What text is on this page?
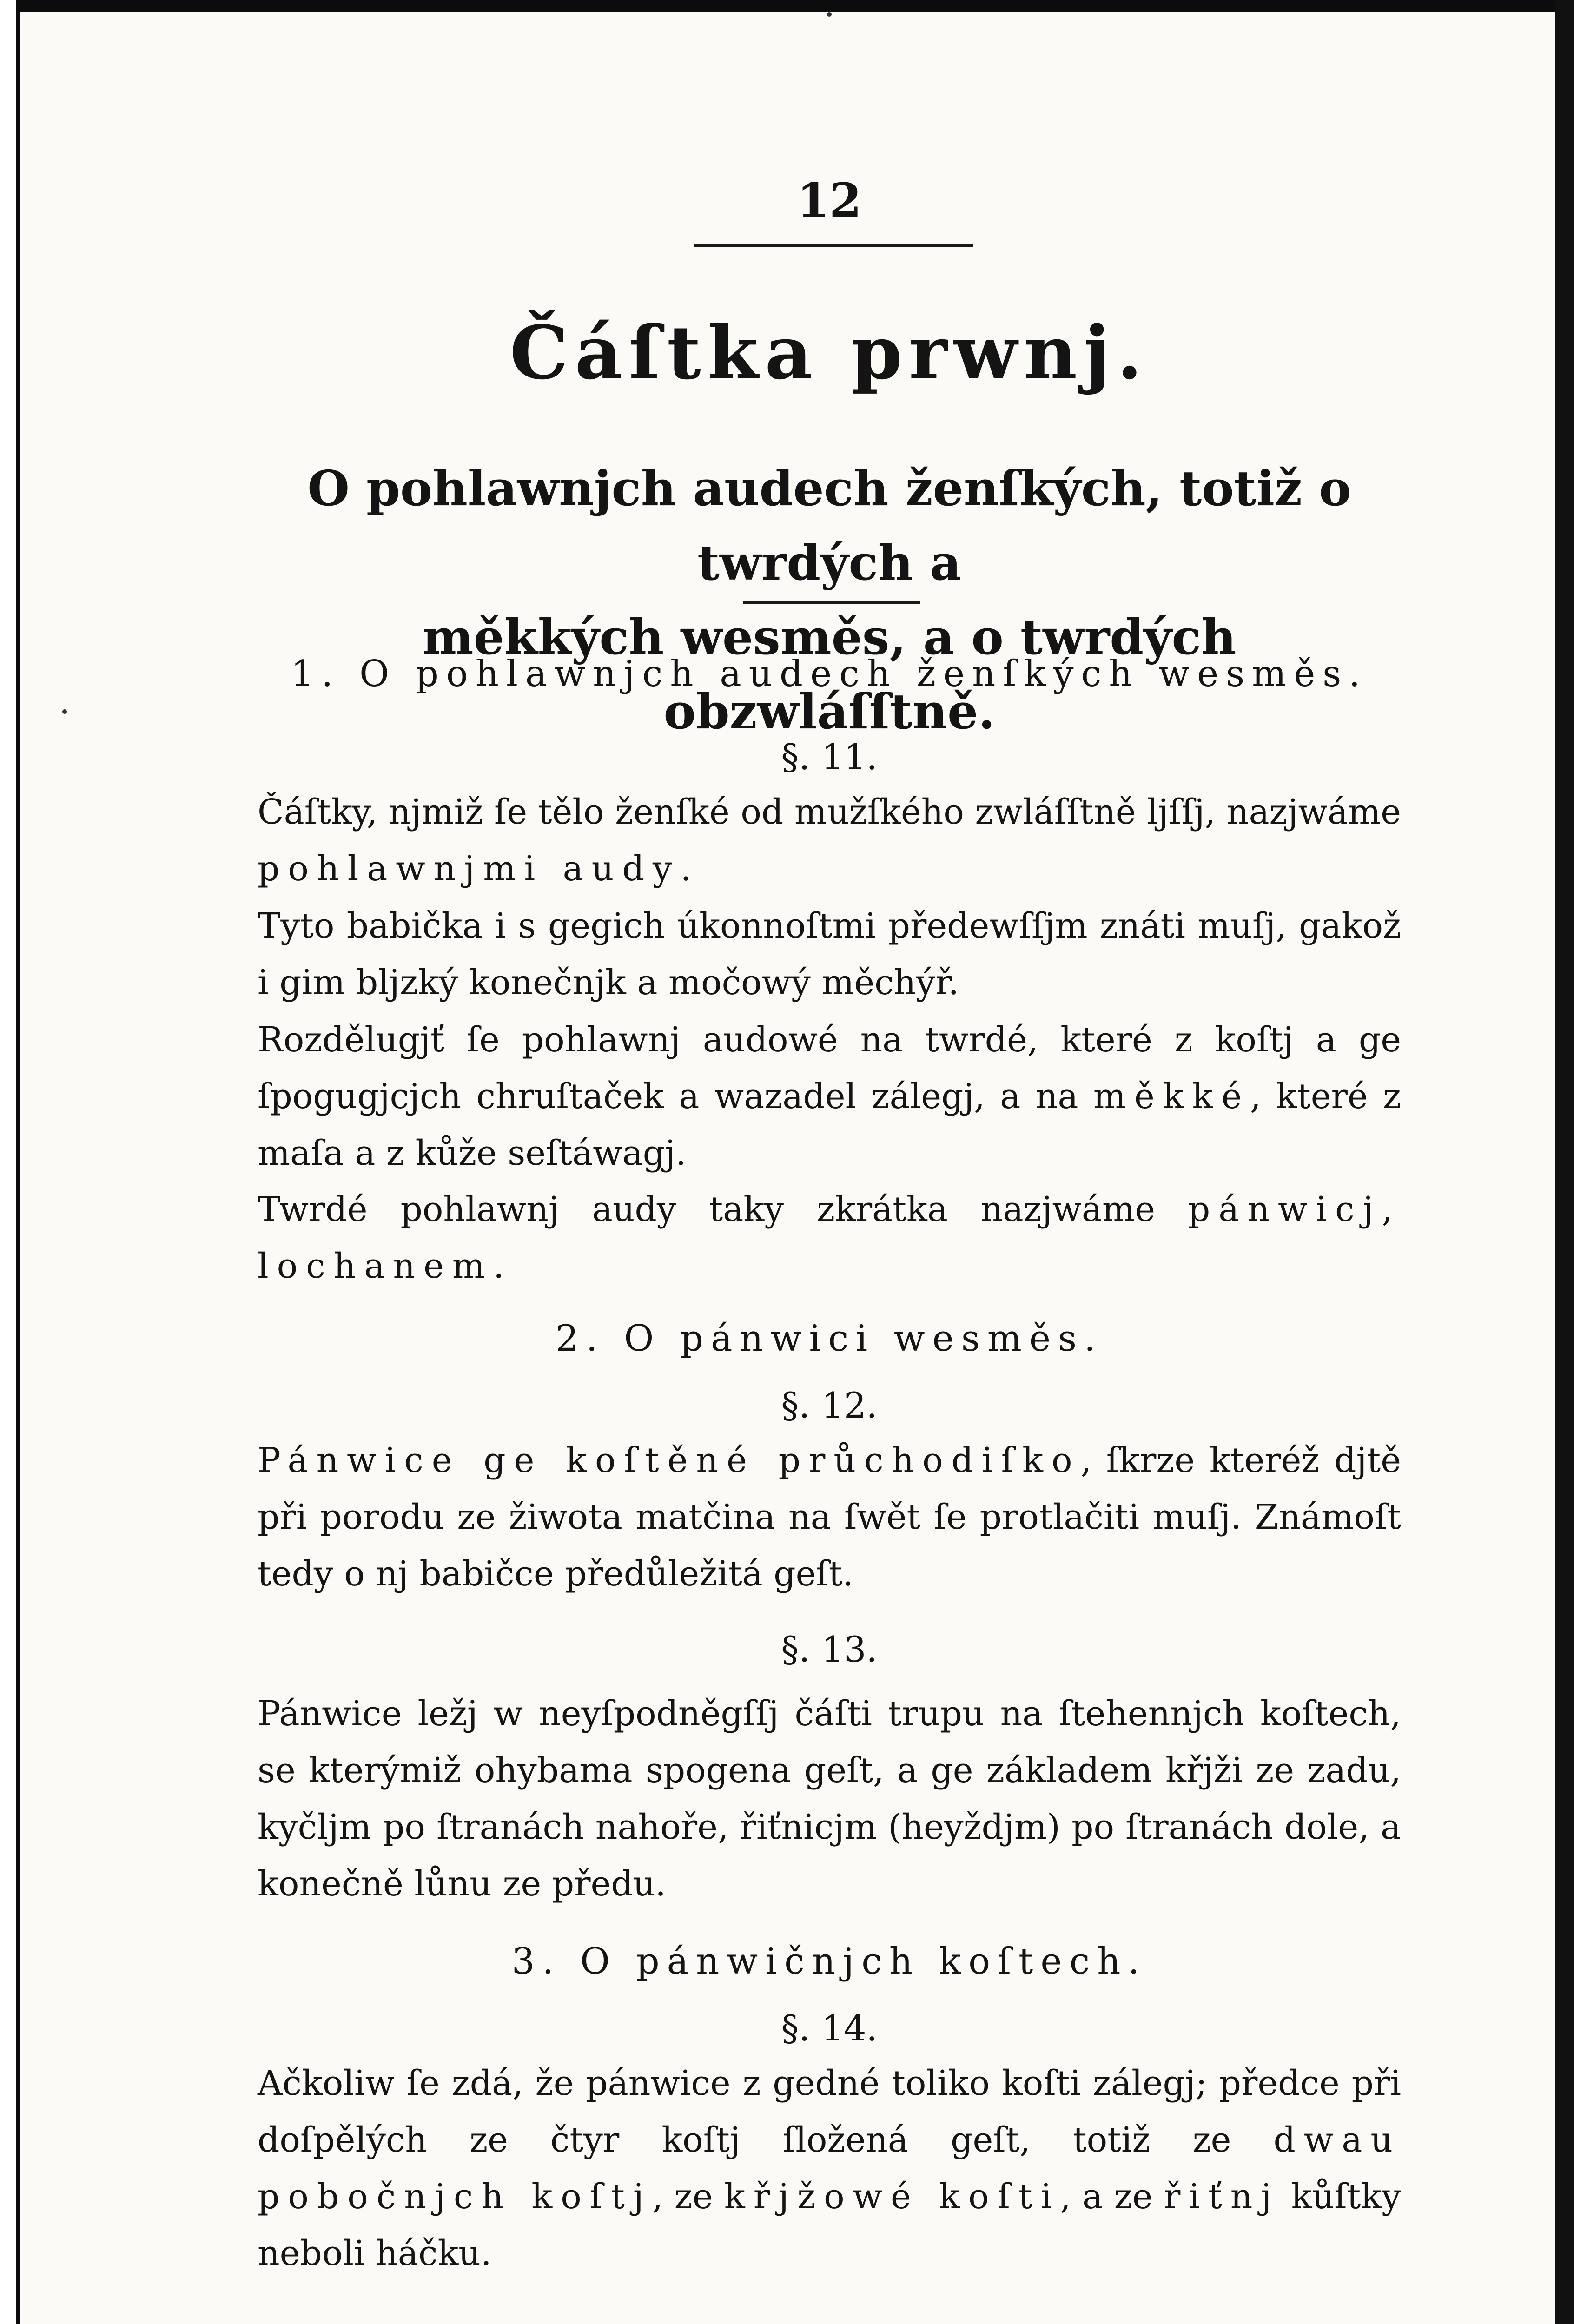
12
Čáſtka prwnj.
O pohlawnjch audech ženſkých, totiž o twrdých a
měkkých wesměs, a o twrdých obzwláſſtně.
1. O pohlawnjch audech ženſkých wesměs.
§. 11.

Čáſtky, njmiž ſe tělo ženſké od mužſkého zwláſſtně ljſſj, nazjwáme pohlawnjmi audy.

Tyto babička i s gegich úkonnoſtmi předewſſjm znáti muſj, gakož i gim bljzký konečnjk a močowý měchýř.

Rozdělugjť ſe pohlawnj audowé na twrdé, které z koſtj a ge ſpogugjcjch chruſtaček a wazadel zálegj, a na měkké, které z maſa a z kůže seſtáwagj.

Twrdé pohlawnj audy taky zkrátka nazjwáme pánwicj, lochanem.

2. O pánwici wesměs.
§. 12.

Pánwice ge koſtěné průchodiſko, ſkrze kteréž djtě při porodu ze žiwota matčina na ſwět ſe protlačiti muſj. Známoſt tedy o nj babičce předůležitá geſt.

§. 13.

Pánwice ležj w neyſpodněgſſj čáſti trupu na ſtehennjch koſtech, se kterýmiž ohybama spogena geſt, a ge základem křjži ze zadu, kyčljm po ſtranách nahoře, řiťnicjm (heyždjm) po ſtranách dole, a konečně lůnu ze předu.

3. O pánwičnjch koſtech.
§. 14.

Ačkoliw ſe zdá, že pánwice z gedné toliko koſti zálegj; předce při doſpělých ze čtyr koſtj ſložená geſt, totiž ze dwau pobočnjch koſtj, ze křjžowé koſti, a ze řiťnj kůſtky neboli háčku.
